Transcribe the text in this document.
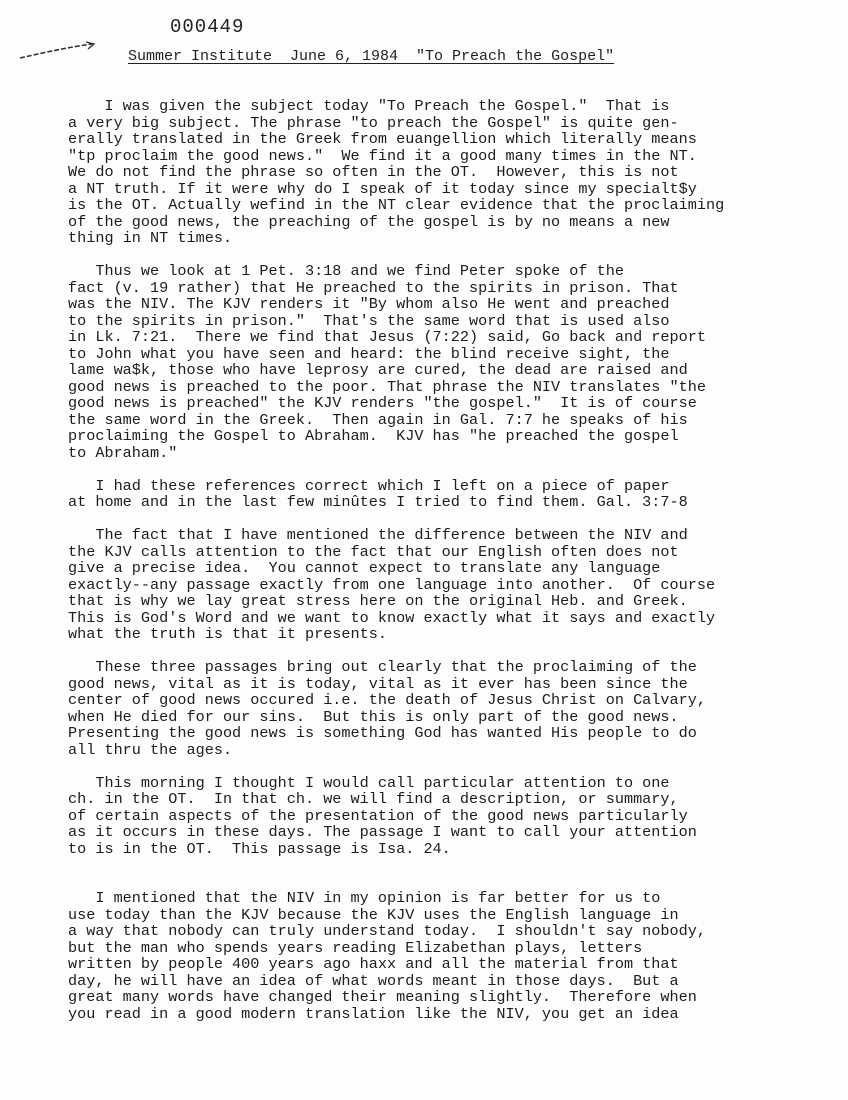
000449
Summer Institute  June 6, 1984  "To Preach the Gospel"
I was given the subject today "To Preach the Gospel."  That is
a very big subject. The phrase "to preach the Gospel" is quite gen-
erally translated in the Greek from euangellion which literally means
"tp proclaim the good news."  We find it a good many times in the NT.
We do not find the phrase so often in the OT.  However, this is not
a NT truth. If it were why do I speak of it today since my specialt$y
is the OT. Actually wefind in the NT clear evidence that the proclaiming
of the good news, the preaching of the gospel is by no means a new
thing in NT times.
Thus we look at 1 Pet. 3:18 and we find Peter spoke of the
fact (v. 19 rather) that He preached to the spirits in prison. That
was the NIV. The KJV renders it "By whom also He went and preached
to the spirits in prison."  That's the same word that is used also
in Lk. 7:21.  There we find that Jesus (7:22) said, Go back and report
to John what you have seen and heard: the blind receive sight, the
lame wa$k, those who have leprosy are cured, the dead are raised and
good news is preached to the poor. That phrase the NIV translates "the
good news is preached" the KJV renders "the gospel."  It is of course
the same word in the Greek.  Then again in Gal. 7:7 he speaks of his
proclaiming the Gospel to Abraham.  KJV has "he preached the gospel
to Abraham."
I had these references correct which I left on a piece of paper
at home and in the last few minûtes I tried to find them. Gal. 3:7-8
The fact that I have mentioned the difference between the NIV and
the KJV calls attention to the fact that our English often does not
give a precise idea.  You cannot expect to translate any language
exactly--any passage exactly from one language into another.  Of course
that is why we lay great stress here on the original Heb. and Greek.
This is God's Word and we want to know exactly what it says and exactly
what the truth is that it presents.
These three passages bring out clearly that the proclaiming of the
good news, vital as it is today, vital as it ever has been since the
center of good news occured i.e. the death of Jesus Christ on Calvary,
when He died for our sins.  But this is only part of the good news.
Presenting the good news is something God has wanted His people to do
all thru the ages.
This morning I thought I would call particular attention to one
ch. in the OT.  In that ch. we will find a description, or summary,
of certain aspects of the presentation of the good news particularly
as it occurs in these days. The passage I want to call your attention
to is in the OT.  This passage is Isa. 24.
I mentioned that the NIV in my opinion is far better for us to
use today than the KJV because the KJV uses the English language in
a way that nobody can truly understand today.  I shouldn't say nobody,
but the man who spends years reading Elizabethan plays, letters
written by people 400 years ago haxx and all the material from that
day, he will have an idea of what words meant in those days.  But a
great many words have changed their meaning slightly.  Therefore when
you read in a good modern translation like the NIV, you get an idea
